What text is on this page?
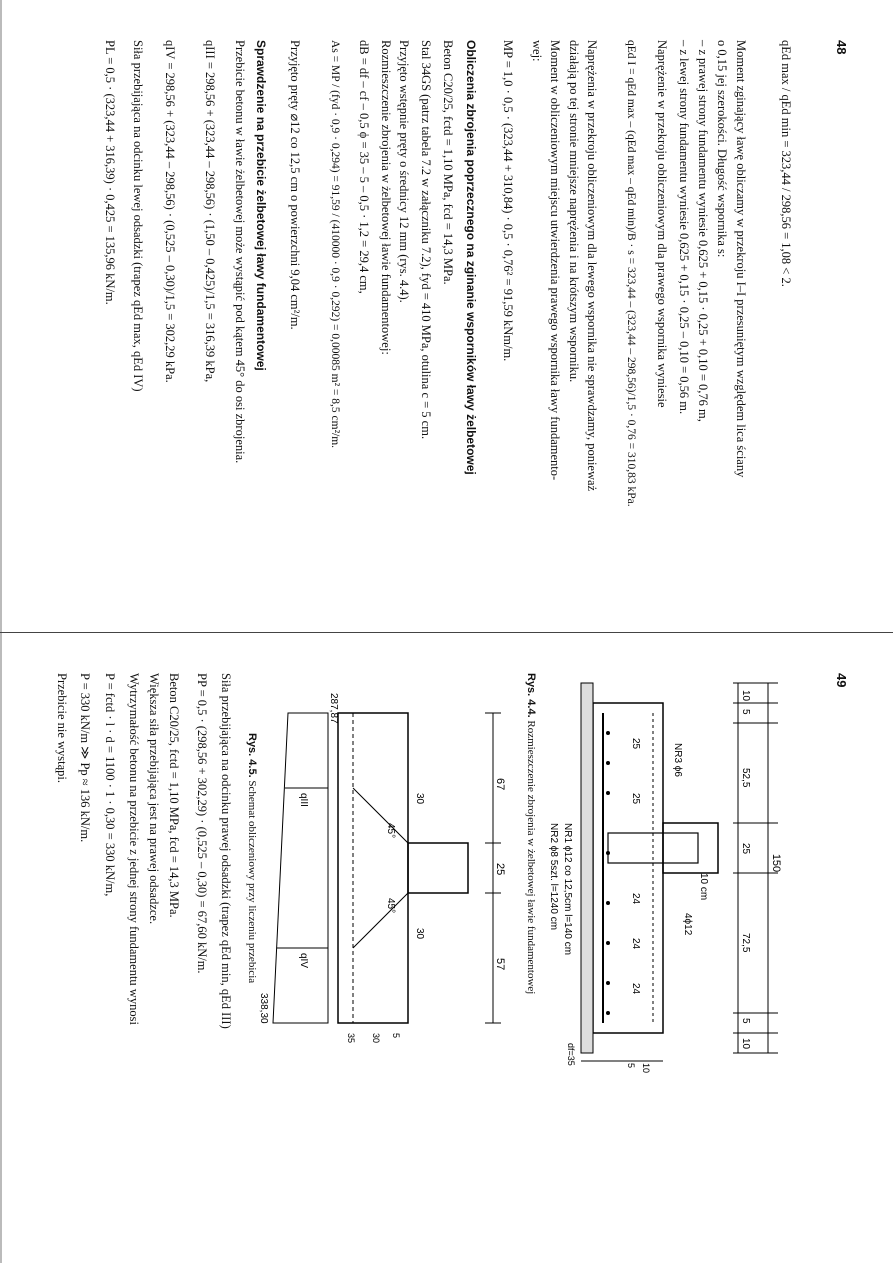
48
qEd max / qEd min = 323,44 / 298,56 = 1,08 < 2.
Moment zginający ławę obliczamy w przekroju I–I przesuniętym względem lica ściany
o 0,15 jej szerokości. Długość wspornika s:
– z prawej strony fundamentu wyniesie 0,625 + 0,15 · 0,25 + 0,10 = 0,76 m,
– z lewej strony fundamentu wyniesie 0,625 + 0,15 · 0,25 – 0,10 = 0,56 m.
Naprężenie w przekroju obliczeniowym dla prawego wspornika wyniesie
qEd I = qEd max – (qEd max – qEd min)/B · s = 323,44 – (323,44 – 298,56)/1,5 · 0,76 = 310,83 kPa.
Naprężenia w przekroju obliczeniowym dla lewego wspornika nie sprawdzamy, ponieważ
działają po tej stronie mniejsze naprężenia i na krótszym wsporniku.
Moment w obliczeniowym miejscu utwierdzenia prawego wspornika ławy fundamento-
wej:
MP = 1,0 · 0,5 · (323,44 + 310,84) · 0,5 · 0,76² = 91,59 kNm/m.
Obliczenia zbrojenia poprzecznego na zginanie wsporników ławy żelbetowej
Beton C20/25, fctd = 1,10 MPa, fcd = 14,3 MPa.
Stal 34GS (patrz tabela 7.2 w załączniku 7.2), fyd = 410 MPa, otulina c = 5 cm.
Przyjęto wstępnie pręty o średnicy 12 mm (rys. 4.4).
Rozmieszczenie zbrojenia w żelbetowej ławie fundamentowej:
dB = df – cf – 0,5 ϕ = 35 – 5 – 0,5 · 1,2 = 29,4 cm,
As = MP / (fyd · 0,9 · 0,294) = 91,59 / (410000 · 0,9 · 0,292) = 0,00085 m² = 8,5 cm²/m.
Przyjęto pręty ⌀12 co 12,5 cm o powierzchni 9,04 cm²/m.
Sprawdzenie na przebicie żelbetowej ławy fundamentowej
Przebicie betonu w ławie żelbetowej może wystąpić pod kątem 45° do osi zbrojenia.
qIII = 298,56 + (323,44 – 298,56) · (1,50 – 0,425)/1,5 = 316,39 kPa,
qIV = 298,56 + (323,44 – 298,56) · (0,525 – 0,30)/1,5 = 302,29 kPa.
Siła przebijająca na odcinku lewej odsadzki (trapez qEd max, qEd IV)
PL = 0,5 · (323,44 + 316,39) · 0,425 = 135,96 kN/m.
49
150
10
5
52,5
25
72,5
5
10
NR3 ϕ6
4ϕ12
10 cm
25
25
24
24
24
NR1 ϕ12 co 12,5cm l=140 cm
NR2 ϕ8 5szt. l=1240 cm
10
5
df=35
Rys. 4.4. Rozmieszczenie zbrojenia w żelbetowej ławie fundamentowej
67
25
57
45°
45°
30
30
qIII
qIV
287,87
338,30
5
30
35
Rys. 4.5. Schemat obliczeniowy przy liczeniu przebicia
Siła przebijająca na odcinku prawej odsadzki (trapez qEd min, qEd III)
PP = 0,5 · (298,56 + 302,29) · (0,525 – 0,30) = 67,60 kN/m.
Beton C20/25, fctd = 1,10 MPa, fcd = 14,3 MPa.
Większa siła przebijająca jest na prawej odsadzce.
Wytrzymałość betonu na przebicie z jednej strony fundamentu wynosi
P = fctd · l · d = 1100 · 1 · 0,30 = 330 kN/m,
P = 330 kN/m ≫ Pp ≈ 136 kN/m.
Przebicie nie wystąpi.
